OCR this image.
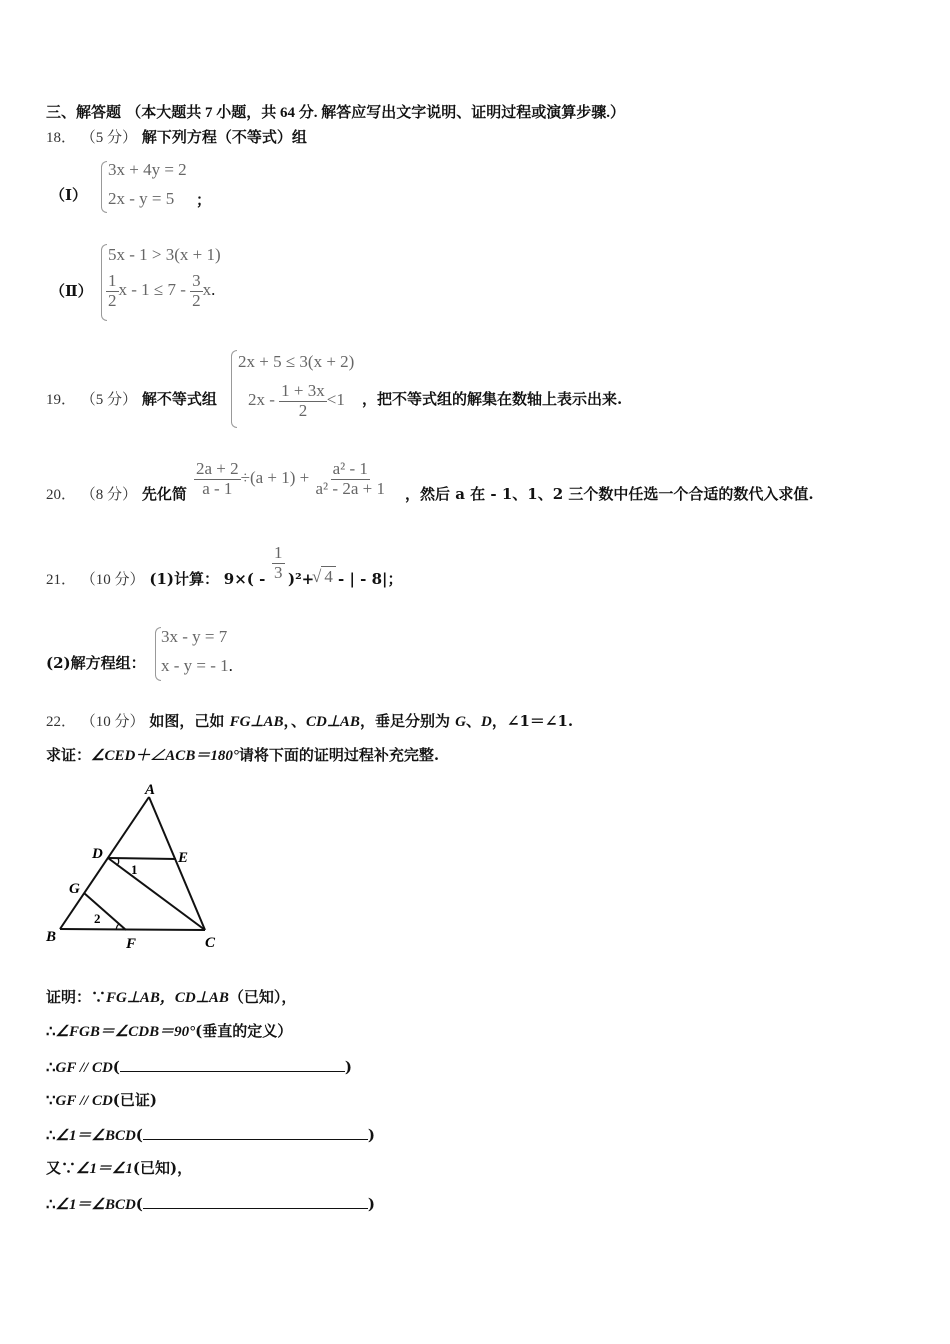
三、解答题 （本大题共 7 小题，共 64 分. 解答应写出文字说明、证明过程或演算步骤.）
18． （5 分） 解下列方程（不等式）组
（Ⅰ）
3x + 4y = 2
2x - y = 5 ；
（Ⅱ）
5x - 1 > 3(x + 1)
$\frac{1}{2}$ $x - 1 \le 7 - \frac{3}{2} x$.
19． （5 分） 解不等式组
2x + 5 ≤ 3(x + 2)
$2x - \frac{1 + 3x}{2} <1$ ，把不等式组的解集在数轴上表示出来.
20． （8 分） 先化简 $\frac{2a + 2}{a - 1} \div(a + 1) + \frac{\text{a² - 1}}{\text{a² - 2a + 1}}$ ，然后 a 在 - 1、1、2 三个数中任选一个合适的数代入求值.
21． （10 分） (1)计算： $9\times( - \frac{1}{3} )^2+$
√ 4 - | - 8|；
(2)解方程组：
3x - y = 7
x - y = - 1.
22． （10 分） 如图，己如 FG⊥AB，、CD⊥AB，垂足分别为 G、D，∠1＝∠1.
求证：∠CED＋∠ACB＝180°请将下面的证明过程补充完整.
A
D	E
G
B	F	C
1
2
证明：∵FG⊥AB，CD⊥AB（已知），
∴∠FGB＝∠CDB＝90°(垂直的定义）
∴GF // CD(	)
∵GF // CD(已证)
∴∠1＝∠BCD(	)
又∵∠1＝∠1(已知)，
∴∠1＝∠BCD(	)
